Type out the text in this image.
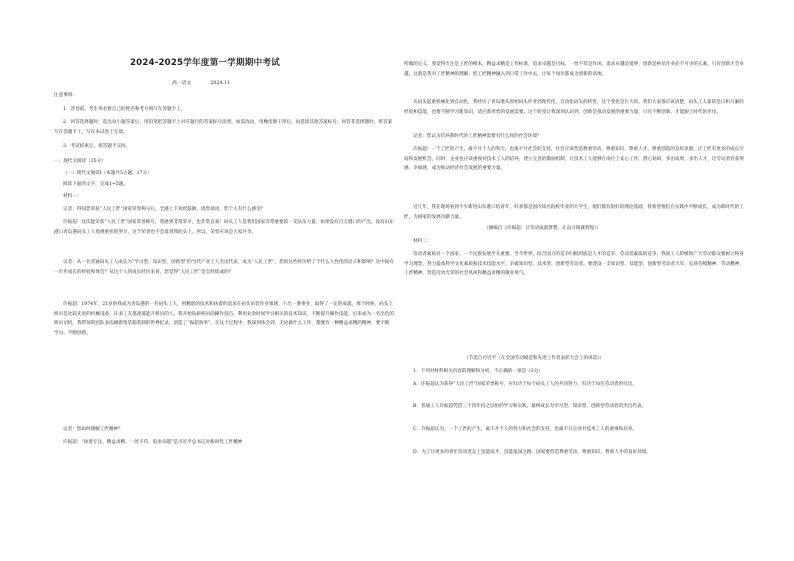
2024-2025学年度第一学期期中考试
高一语文　　　　2024.11

注意事项：

1．答卷前，考生务必将自己的姓名和考号填写在答题卡上。

2．回答选择题时，选出每小题答案后，用铅笔把答题卡上对应题目的答案标号涂黑。如需改动，用橡皮擦干净后，再选涂其他答案标号。回答非选择题时，将答案写在答题卡上。写在本试卷上无效。

3．考试结束后，将答题卡交回。

一、现代文阅读（35分）

（一）现代文阅读Ⅰ（本题共5小题，17分）

阅读下面的文字，完成1~5题。

材料一：

记者：得知您荣获“人民工匠”国家荣誉称号后，全港上下欢欣鼓舞，请您谈谈，您个人有什么感受？

许振超：这次能荣获“人民工匠”国家荣誉称号，我感到非常荣幸，也非常自豪！码头工人是我们国家非常重要的一支队伍力量，如果没有百万港口的产出，没有山东港口青岛港码头工人勇挑重担的努力，这个荣誉也不会落到我的头上。所以，荣誉应该是大家共享。

记者：从一名普通码头工人成长为“学习型、知识型、创新型”的当代产业工人杰出代表，成为“人民工匠”，您的这些经历给了个什么人性化的启示和影响？这中间有一步步成长的经验和体会？从这个人的成长经历来看，您觉得“人民工匠”是怎样炼成的？

许振超：1974年，21岁的我成为青岛港的一名码头工人，用精湛的技术和执着的追求在码头吊装作业领域，干出一番事业，取得了一定的成就。那个时候，码头上桥吊是比较先进的机械设备，许多工友都羡慕能开桥吊的人。我开始钻研桥吊的操作技巧，利用业余时间学习相关的技术知识，不断提升操作技能。后来成为一名出色的桥吊司机，我带领的团队多次刷新集装箱装卸的世界纪录，创造了“振超效率”。在这个过程中，我深刻体会到，无论做什么工作，都要有一种精益求精的精神，要不断学习、不断创新。

记者：您如何理解工匠精神？

许振超：“执着专注、精益求精、一丝不苟、追求卓越”是习近平总书记对新时代工匠精神

所做的定义，我觉得专注是工匠的根本，精益求精是工作标准，追求卓越是目标，一丝不苟是作风；追求卓越是境界，创新是桥吊作业必不可少的元素，只有创新才会卓越，这就是我对工匠精神的理解，把工匠精神融入到日常工作中去，让每个岗位都成为创新的高地。

从码头起重机械化到自动化，我经历了青岛港从原始码头作业到现代化、自动化码头的转变，这个变化是巨大的。我们大家都应该清楚，码头工人靠的是日积月累的经验和技能，也要不断学习新知识，适应新形势的发展需要。这个转变让我深刻认识到，创新是推动发展的重要力量，只有不断创新，才能跟上时代的步伐。

记者：您认为培养新时代的工匠精神需要有什么样的社会环境？

许振超：一个工匠的产生，离不开个人的努力，也离不开社会的支持，社会应该营造尊重劳动、尊重知识、尊重人才、尊重创造的良好氛围，让工匠有更多的成长空间和发展机会。同时，企业也应该重视对技术工人的培养，建立完善的激励机制，让技术工人能够在岗位上安心工作，潜心钻研，多出成果，多出人才，让劳动者有获得感、幸福感，成为推动经济社会发展的重要力量。

近几年，我在现场看到不少新进山东港口的青年，好多都是国内知名院校毕业的大学生，他们都有很好的理论基础，我希望他们在实践中不断成长，成为新时代的工匠，为国家的发展贡献力量。

（摘编自《许振超：让劳动成就梦想，让奋斗铸就辉煌》）

材料二：

劳动者素质对一个国家、一个民族发展至关重要。当今世界，综合国力的竞争归根到底是人才的竞争、劳动者素质的竞争。我国工人阶级和广大劳动群众要树立终身学习理念，努力提高科学文化素质和技术技能水平，争做知识型、技术型、创新型劳动者。要建设一支知识型、技能型、创新型劳动者大军，弘扬劳模精神、劳动精神、工匠精神，营造劳动光荣的社会风尚和精益求精的敬业风气。

（节选自习近平《在全国劳动模范和先进工作者表彰大会上的讲话》）

1．下列对材料相关内容的理解和分析，不正确的一项是（3分）

A．许振超认为获得“人民工匠”国家荣誉称号，应归功于每个码头工人的共同努力，归功于每位劳动者的付出。

B．普通工人许振超凭借三十四年持之以恒的学习和实践，最终成长为学习型、知识型、创新型劳动者的杰出代表。

C．许振超认为，一个工匠的产生，离不开个人的努力和社会的支持，也离不开企业对技术工人的重视和培养。

D．为了让更多的青年劳动者走上技能成才、技能报国之路，国家要营造尊重劳动、尊重知识、尊重人才的良好环境。
